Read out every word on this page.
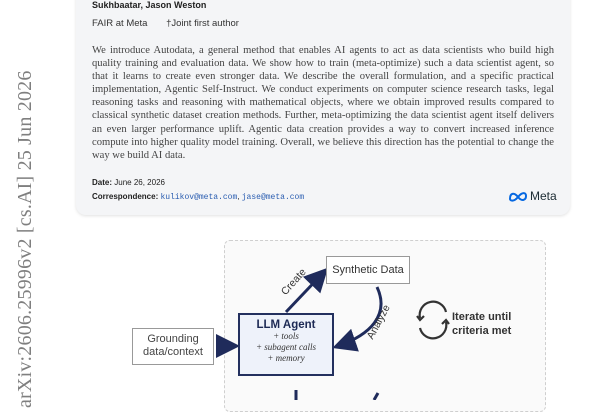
arXiv:2606.25996v2 [cs.AI] 25 Jun 2026
Sukhbaatar, Jason Weston
FAIR at Meta †Joint first author

We introduce Autodata, a general method that enables AI agents to act as data scientists who build high quality training and evaluation data. We show how to train (meta-optimize) such a data scientist agent, so that it learns to create even stronger data. We describe the overall formulation, and a specific practical implementation, Agentic Self-Instruct. We conduct experiments on computer science research tasks, legal reasoning tasks and reasoning with mathematical objects, where we obtain improved results compared to classical synthetic dataset creation methods. Further, meta-optimizing the data scientist agent itself delivers an even larger performance uplift. Agentic data creation provides a way to convert increased inference compute into higher quality model training. Overall, we believe this direction has the potential to change the way we build AI data.

Date: June 26, 2026
Correspondence: kulikov@meta.com, jase@meta.com	Meta
Synthetic Data
Grounding
data/context
LLM Agent
+ tools
+ subagent calls
+ memory
Create
Analyze	Iterate until
criteria met
